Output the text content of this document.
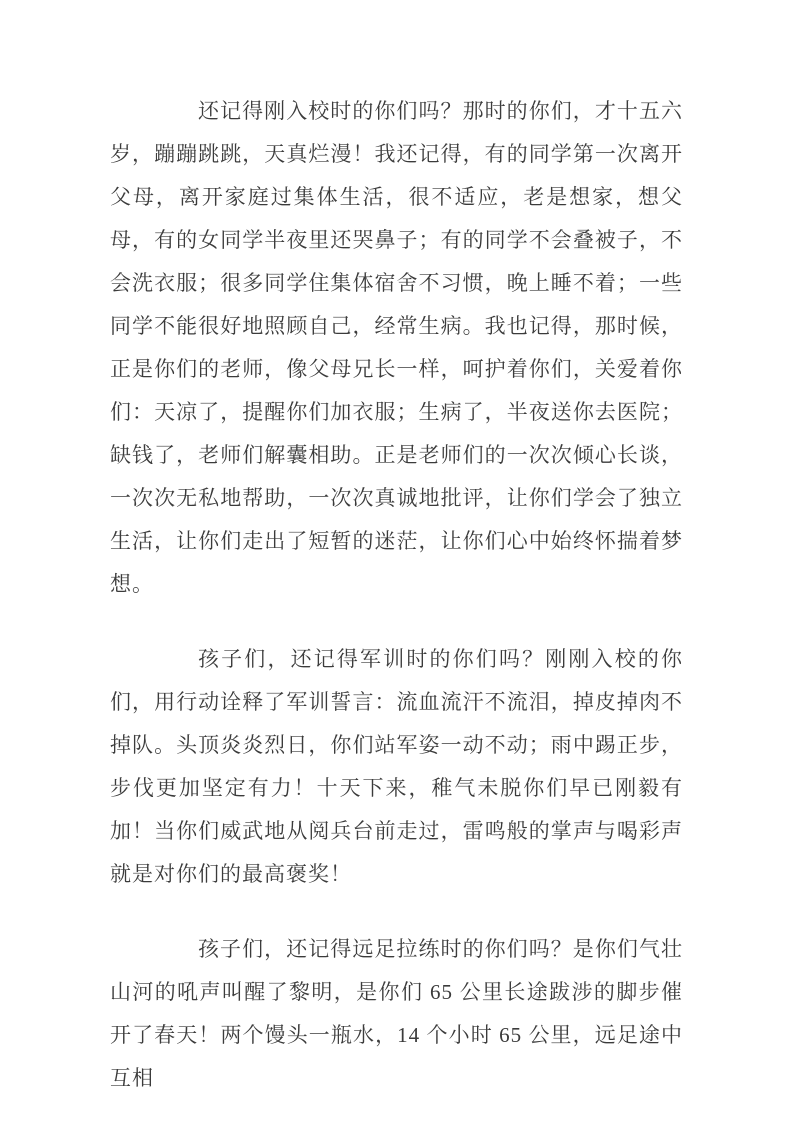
还记得刚入校时的你们吗？那时的你们，才十五六岁，蹦蹦跳跳，天真烂漫！我还记得，有的同学第一次离开父母，离开家庭过集体生活，很不适应，老是想家，想父母，有的女同学半夜里还哭鼻子；有的同学不会叠被子，不会洗衣服；很多同学住集体宿舍不习惯，晚上睡不着；一些同学不能很好地照顾自己，经常生病。我也记得，那时候，正是你们的老师，像父母兄长一样，呵护着你们，关爱着你们：天凉了，提醒你们加衣服；生病了，半夜送你去医院；缺钱了，老师们解囊相助。正是老师们的一次次倾心长谈，一次次无私地帮助，一次次真诚地批评，让你们学会了独立生活，让你们走出了短暂的迷茫，让你们心中始终怀揣着梦想。

孩子们，还记得军训时的你们吗？刚刚入校的你们，用行动诠释了军训誓言：流血流汗不流泪，掉皮掉肉不掉队。头顶炎炎烈日，你们站军姿一动不动；雨中踢正步，步伐更加坚定有力！十天下来，稚气未脱你们早已刚毅有加！当你们威武地从阅兵台前走过，雷鸣般的掌声与喝彩声就是对你们的最高褒奖！

孩子们，还记得远足拉练时的你们吗？是你们气壮山河的吼声叫醒了黎明，是你们 65 公里长途跋涉的脚步催开了春天！两个馒头一瓶水，14 个小时 65 公里，远足途中互相
